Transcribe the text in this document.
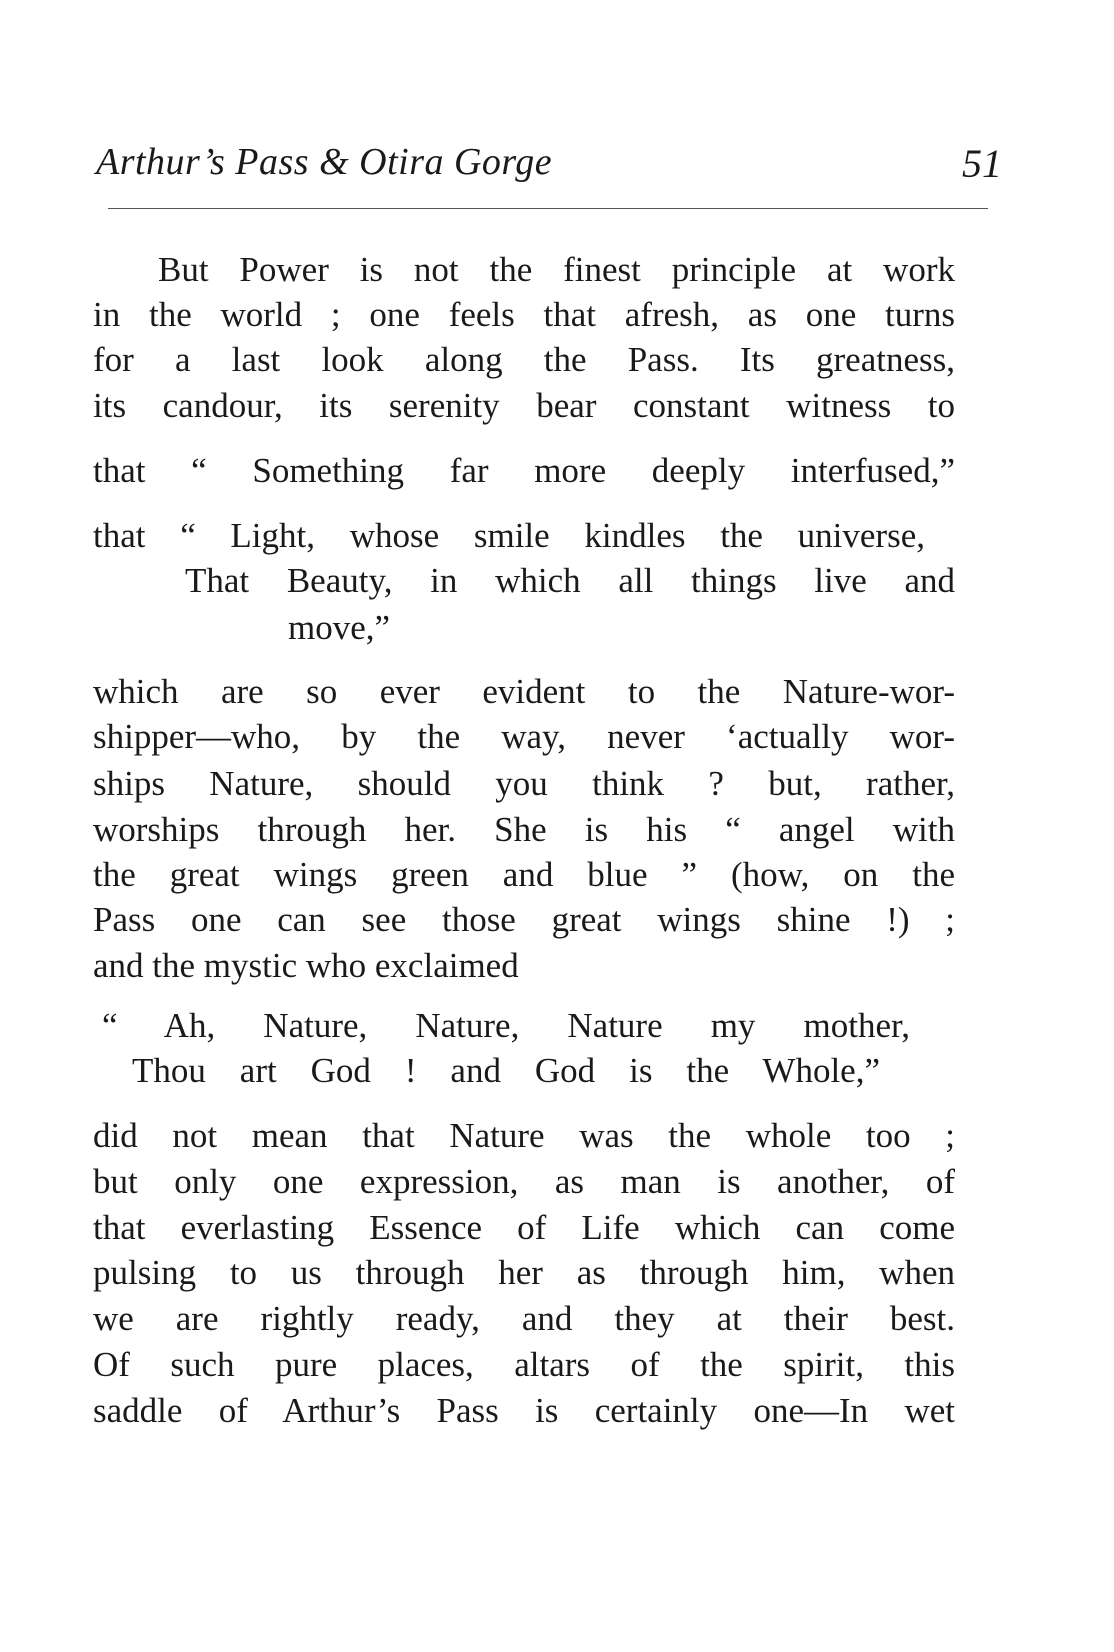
Arthur’s Pass & Otira Gorge	51
But Power is not the finest principle at work
in the world ; one feels that afresh, as one turns
for a last look along the Pass. Its greatness,
its candour, its serenity bear constant witness to
that “ Something far more deeply interfused,”
that “ Light, whose smile kindles the universe,
That Beauty, in which all things live and
move,”
which are so ever evident to the Nature-wor-
shipper—who, by the way, never ‘actually wor-
ships Nature, should you think ? but, rather,
worships through her. She is his “ angel with
the great wings green and blue ” (how, on the
Pass one can see those great wings shine !) ;
and the mystic who exclaimed
“ Ah, Nature, Nature, Nature my mother,
Thou art God ! and God is the Whole,”
did not mean that Nature was the whole too ;
but only one expression, as man is another, of
that everlasting Essence of Life which can come
pulsing to us through her as through him, when
we are rightly ready, and they at their best.
Of such pure places, altars of the spirit, this
saddle of Arthur’s Pass is certainly one—In wet
